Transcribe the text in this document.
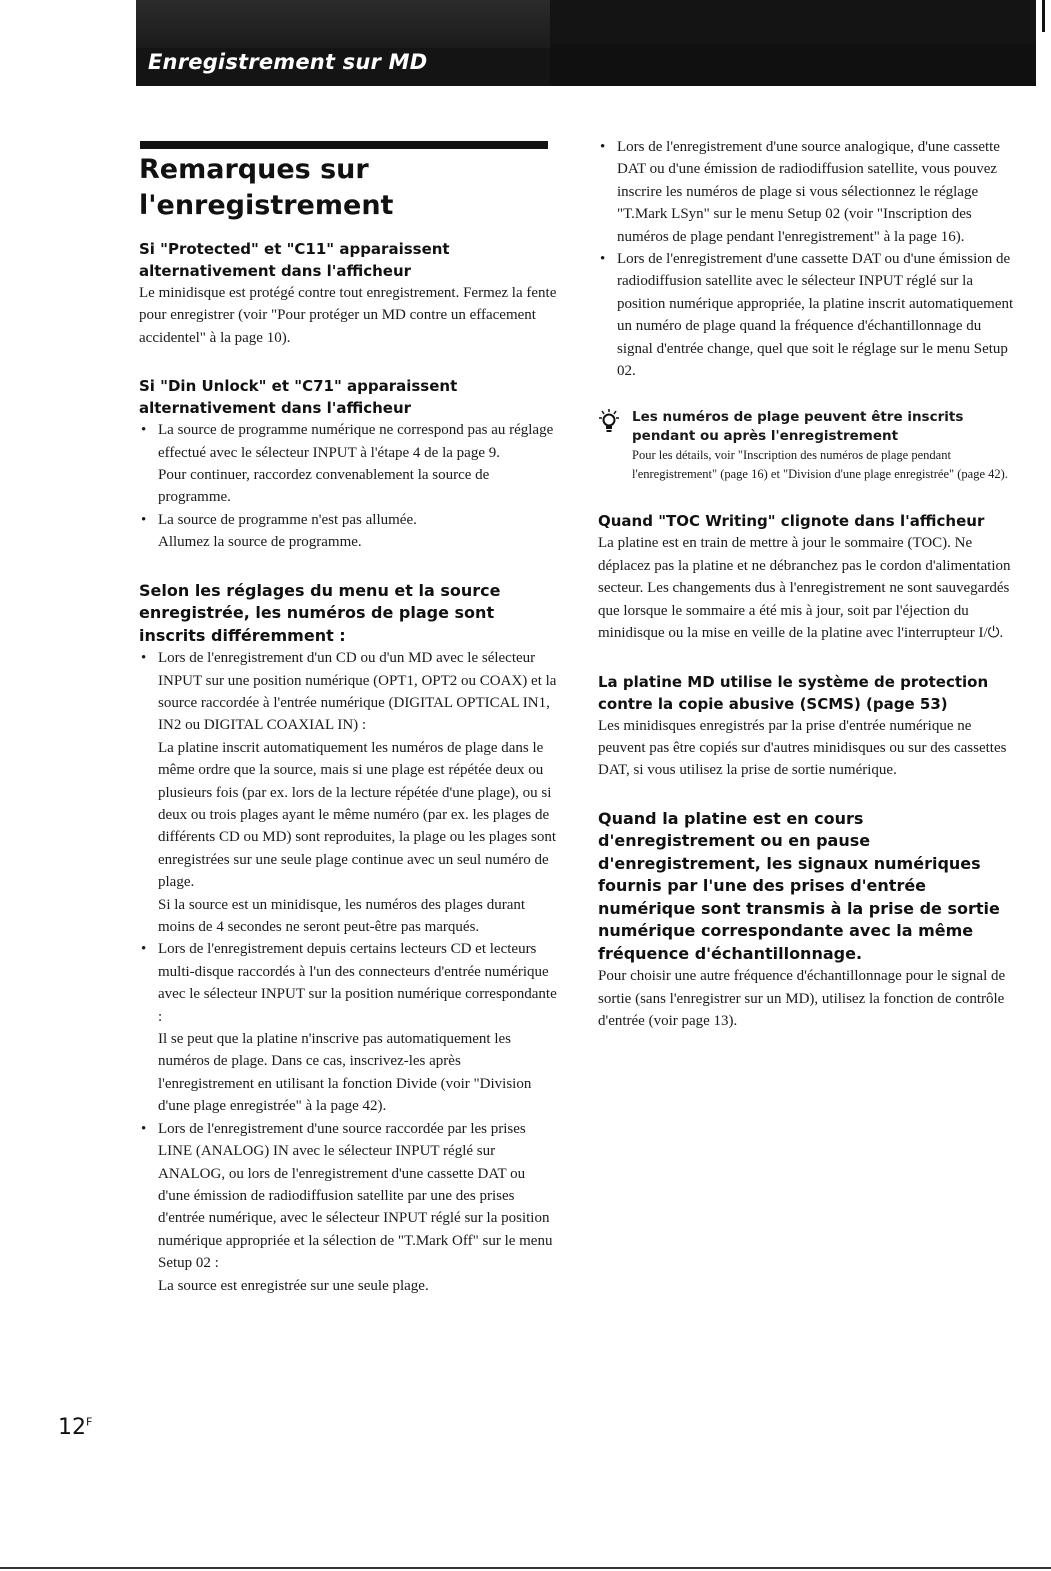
Enregistrement sur MD
Remarques sur l'enregistrement
Si "Protected" et "C11" apparaissent alternativement dans l'afficheur

Le minidisque est protégé contre tout enregistrement. Fermez la fente pour enregistrer (voir "Pour protéger un MD contre un effacement accidentel" à la page 10).

Si "Din Unlock" et "C71" apparaissent alternativement dans l'afficheur

• La source de programme numérique ne correspond pas au réglage effectué avec le sélecteur INPUT à l'étape 4 de la page 9.

Pour continuer, raccordez convenablement la source de programme.

• La source de programme n'est pas allumée.

Allumez la source de programme.

Selon les réglages du menu et la source enregistrée, les numéros de plage sont inscrits différemment :

• Lors de l'enregistrement d'un CD ou d'un MD avec le sélecteur INPUT sur une position numérique (OPT1, OPT2 ou COAX) et la source raccordée à l'entrée numérique (DIGITAL OPTICAL IN1, IN2 ou DIGITAL COAXIAL IN) :

La platine inscrit automatiquement les numéros de plage dans le même ordre que la source, mais si une plage est répétée deux ou plusieurs fois (par ex. lors de la lecture répétée d'une plage), ou si deux ou trois plages ayant le même numéro (par ex. les plages de différents CD ou MD) sont reproduites, la plage ou les plages sont enregistrées sur une seule plage continue avec un seul numéro de plage.

Si la source est un minidisque, les numéros des plages durant moins de 4 secondes ne seront peut-être pas marqués.

• Lors de l'enregistrement depuis certains lecteurs CD et lecteurs multi-disque raccordés à l'un des connecteurs d'entrée numérique avec le sélecteur INPUT sur la position numérique correspondante :

Il se peut que la platine n'inscrive pas automatiquement les numéros de plage. Dans ce cas, inscrivez-les après l'enregistrement en utilisant la fonction Divide (voir "Division d'une plage enregistrée" à la page 42).

• Lors de l'enregistrement d'une source raccordée par les prises LINE (ANALOG) IN avec le sélecteur INPUT réglé sur ANALOG, ou lors de l'enregistrement d'une cassette DAT ou d'une émission de radiodiffusion satellite par une des prises d'entrée numérique, avec le sélecteur INPUT réglé sur la position numérique appropriée et la sélection de "T.Mark Off" sur le menu Setup 02 :

La source est enregistrée sur une seule plage.

• Lors de l'enregistrement d'une source analogique, d'une cassette DAT ou d'une émission de radiodiffusion satellite, vous pouvez inscrire les numéros de plage si vous sélectionnez le réglage "T.Mark LSyn" sur le menu Setup 02 (voir "Inscription des numéros de plage pendant l'enregistrement" à la page 16).

• Lors de l'enregistrement d'une cassette DAT ou d'une émission de radiodiffusion satellite avec le sélecteur INPUT réglé sur la position numérique appropriée, la platine inscrit automatiquement un numéro de plage quand la fréquence d'échantillonnage du signal d'entrée change, quel que soit le réglage sur le menu Setup 02.

Les numéros de plage peuvent être inscrits pendant ou après l'enregistrement

Pour les détails, voir "Inscription des numéros de plage pendant l'enregistrement" (page 16) et "Division d'une plage enregistrée" (page 42).

Quand "TOC Writing" clignote dans l'afficheur

La platine est en train de mettre à jour le sommaire (TOC). Ne déplacez pas la platine et ne débranchez pas le cordon d'alimentation secteur. Les changements dus à l'enregistrement ne sont sauvegardés que lorsque le sommaire a été mis à jour, soit par l'éjection du minidisque ou la mise en veille de la platine avec l'interrupteur I/⏻.

La platine MD utilise le système de protection contre la copie abusive (SCMS) (page 53)

Les minidisques enregistrés par la prise d'entrée numérique ne peuvent pas être copiés sur d'autres minidisques ou sur des cassettes DAT, si vous utilisez la prise de sortie numérique.

Quand la platine est en cours d'enregistrement ou en pause d'enregistrement, les signaux numériques fournis par l'une des prises d'entrée numérique sont transmis à la prise de sortie numérique correspondante avec la même fréquence d'échantillonnage.

Pour choisir une autre fréquence d'échantillonnage pour le signal de sortie (sans l'enregistrer sur un MD), utilisez la fonction de contrôle d'entrée (voir page 13).

$12^F$
